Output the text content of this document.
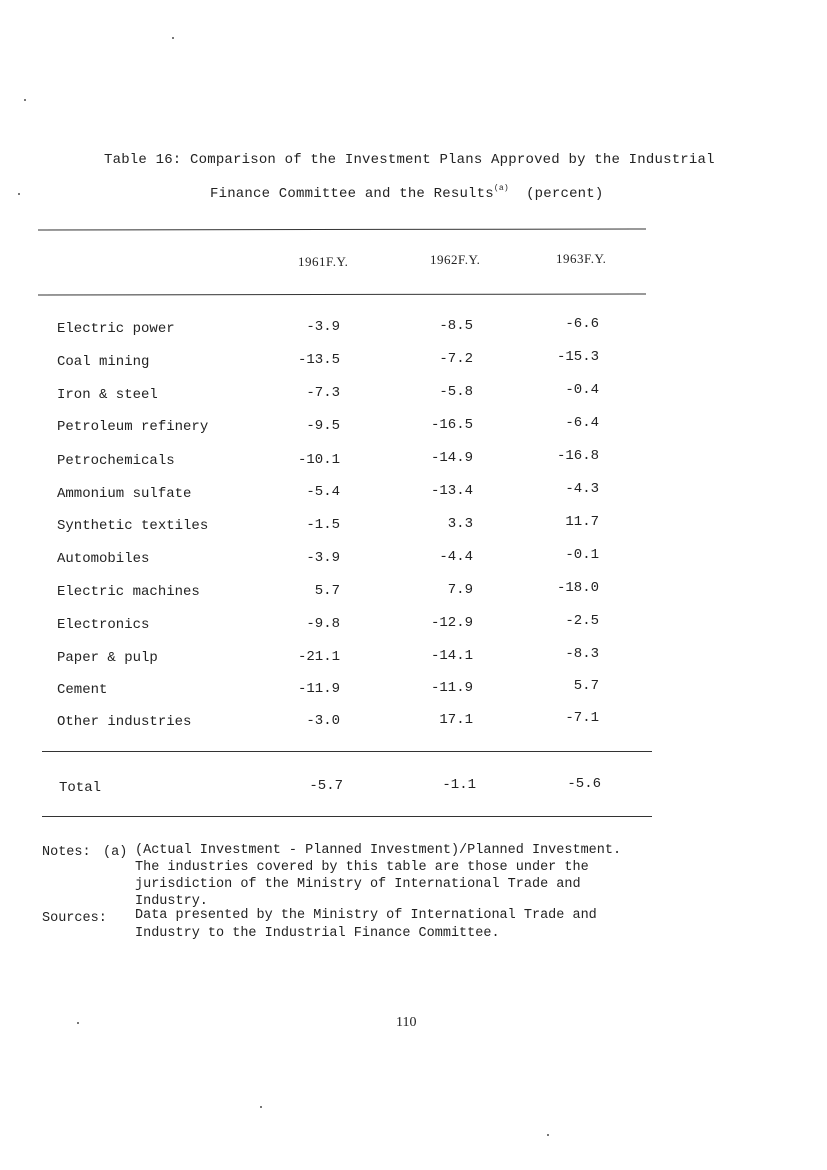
Table 16: Comparison of the Investment Plans Approved by the Industrial
Finance Committee and the Results$^{(a)}$ (percent)
1961F.Y.	1962F.Y.	1963F.Y.
Electric power	-3.9	-8.5	-6.6
Coal mining	-13.5	-7.2	-15.3
Iron & steel	-7.3	-5.8	-0.4
Petroleum refinery	-9.5	-16.5	-6.4
Petrochemicals	-10.1	-14.9	-16.8
Ammonium sulfate	-5.4	-13.4	-4.3
Synthetic textiles	-1.5	3.3	11.7
Automobiles	-3.9	-4.4	-0.1
Electric machines	5.7	7.9	-18.0
Electronics	-9.8	-12.9	-2.5
Paper & pulp	-21.1	-14.1	-8.3
Cement	-11.9	-11.9	5.7
Other industries	-3.0	17.1	-7.1
Total	-5.7	-1.1	-5.6
Notes: (a) (Actual Investment - Planned Investment)/Planned Investment.
The industries covered by this table are those under the
jurisdiction of the Ministry of International Trade and
Industry.
Sources: Data presented by the Ministry of International Trade and
Industry to the Industrial Finance Committee.
110
